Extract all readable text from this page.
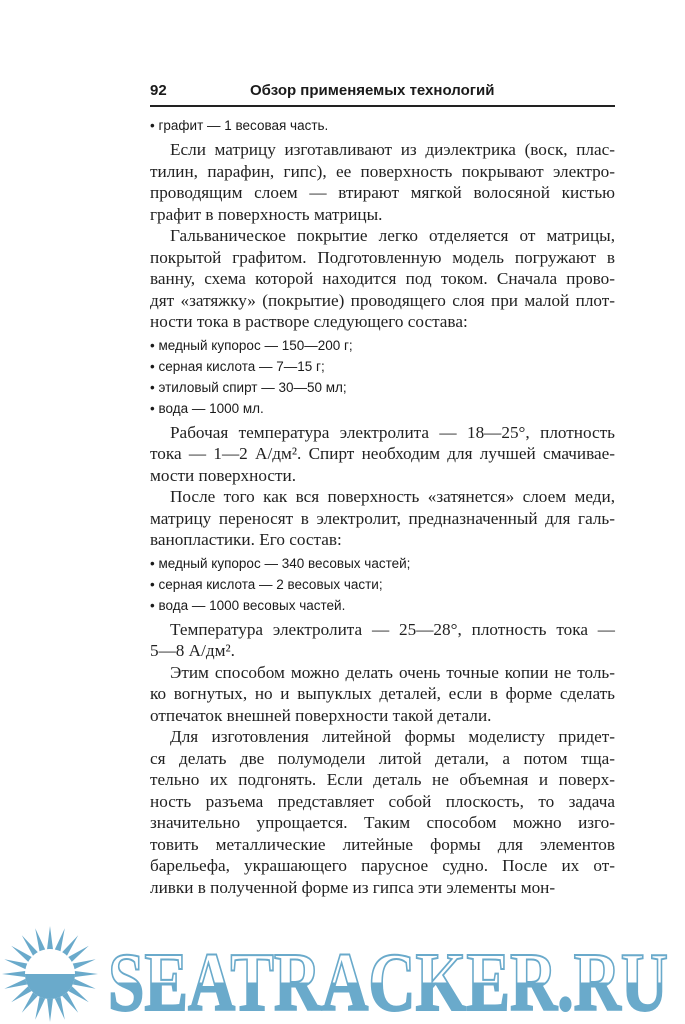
92	Обзор применяемых технологий
• графит — 1 весовая часть.
Если матрицу изготавливают из диэлектрика (воск, плас-
тилин, парафин, гипс), ее поверхность покрывают электро-
проводящим слоем — втирают мягкой волосяной кистью
графит в поверхность матрицы.
Гальваническое покрытие легко отделяется от матрицы,
покрытой графитом. Подготовленную модель погружают в
ванну, схема которой находится под током. Сначала прово-
дят «затяжку» (покрытие) проводящего слоя при малой плот-
ности тока в растворе следующего состава:
• медный купорос — 150—200 г;
• серная кислота — 7—15 г;
• этиловый спирт — 30—50 мл;
• вода — 1000 мл.
Рабочая температура электролита — 18—25°, плотность
тока — 1—2 А/дм². Спирт необходим для лучшей смачивае-
мости поверхности.
После того как вся поверхность «затянется» слоем меди,
матрицу переносят в электролит, предназначенный для галь-
ванопластики. Его состав:
• медный купорос — 340 весовых частей;
• серная кислота — 2 весовых части;
• вода — 1000 весовых частей.
Температура электролита — 25—28°, плотность тока —
5—8 А/дм².
Этим способом можно делать очень точные копии не толь-
ко вогнутых, но и выпуклых деталей, если в форме сделать
отпечаток внешней поверхности такой детали.
Для изготовления литейной формы моделисту придет-
ся делать две полумодели литой детали, а потом тща-
тельно их подгонять. Если деталь не объемная и поверх-
ность разъема представляет собой плоскость, то задача
значительно упрощается. Таким способом можно изго-
товить металлические литейные формы для элементов
барельефа, украшающего парусное судно. После их от-
ливки в полученной форме из гипса эти элементы мон-
SEATRACKER.RU
